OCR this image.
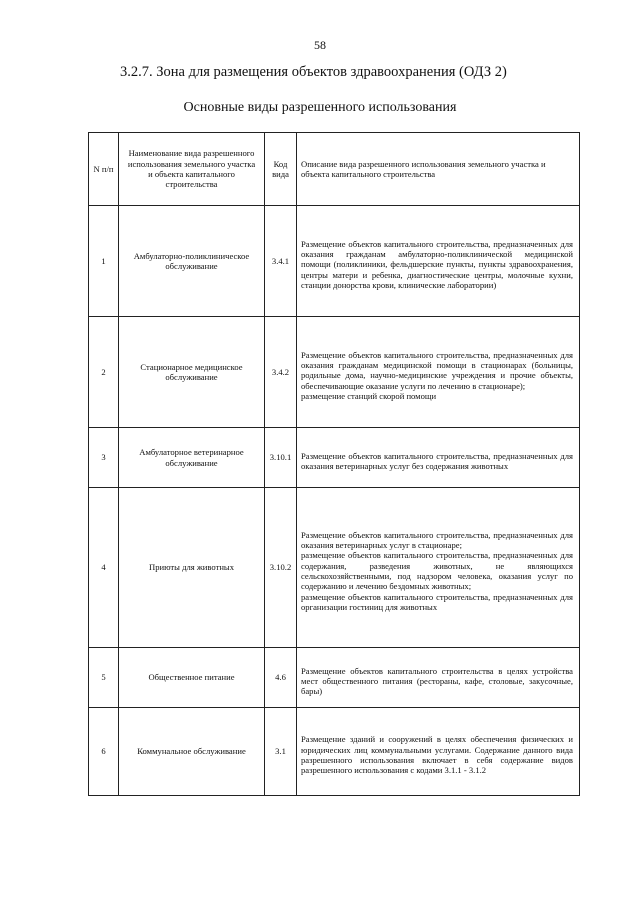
58
3.2.7. Зона для размещения объектов здравоохранения (ОДЗ 2)
Основные виды разрешенного использования
N п/п	Наименование вида разрешенного использования земельного участка и объекта капитального строительства	Код вида	Описание вида разрешенного использования земельного участка и объекта капитального строительства
1	Амбулаторно-поликлиническое обслуживание	3.4.1	Размещение объектов капитального строительства, предназначенных для оказания гражданам амбулаторно-поликлинической медицинской помощи (поликлиники, фельдшерские пункты, пункты здравоохранения, центры матери и ребенка, диагностические центры, молочные кухни, станции донорства крови, клинические лаборатории)

2	Стационарное медицинское обслуживание	3.4.2	Размещение объектов капитального строительства, предназначенных для оказания гражданам медицинской помощи в стационарах (больницы, родильные дома, научно-медицинские учреждения и прочие объекты, обеспечивающие оказание услуги по лечению в стационаре);
размещение станций скорой помощи

3	Амбулаторное ветеринарное обслуживание	3.10.1	Размещение объектов капитального строительства, предназначенных для оказания ветеринарных услуг без содержания животных

4	Приюты для животных	3.10.2	Размещение объектов капитального строительства, предназначенных для оказания ветеринарных услуг в стационаре;
размещение объектов капитального строительства, предназначенных для содержания, разведения животных, не являющихся сельскохозяйственными, под надзором человека, оказания услуг по содержанию и лечению бездомных животных;
размещение объектов капитального строительства, предназначенных для организации гостиниц для животных

5	Общественное питание	4.6	Размещение объектов капитального строительства в целях устройства мест общественного питания (рестораны, кафе, столовые, закусочные, бары)

6	Коммунальное обслуживание	3.1	Размещение зданий и сооружений в целях обеспечения физических и юридических лиц коммунальными услугами. Содержание данного вида разрешенного использования включает в себя содержание видов разрешенного использования с кодами 3.1.1 - 3.1.2
